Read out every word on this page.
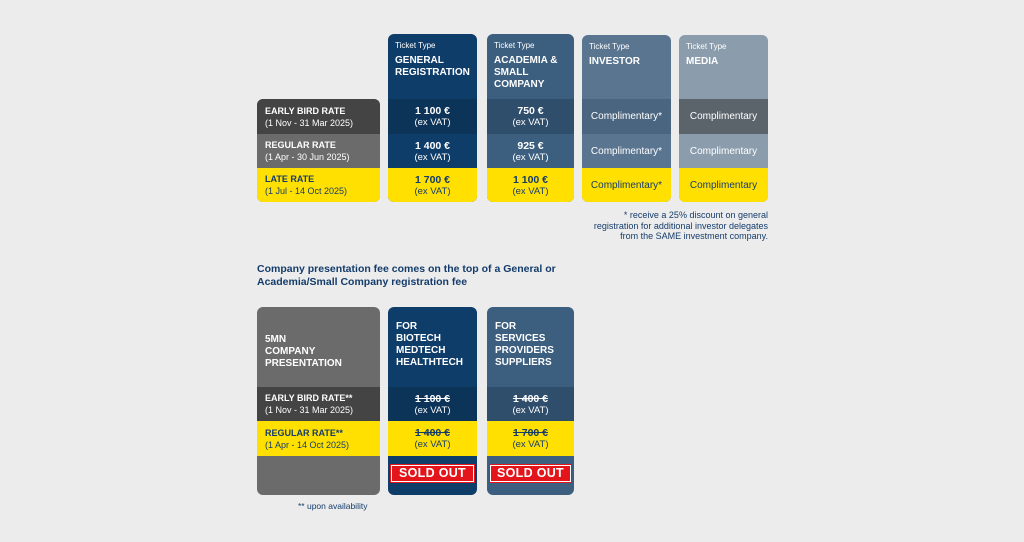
EARLY BIRD RATE
(1 Nov - 31 Mar 2025)
REGULAR RATE
(1 Apr - 30 Jun 2025)
LATE RATE
(1 Jul - 14 Oct 2025)
Ticket Type
GENERAL
REGISTRATION
1 100 €
(ex VAT)
1 400 €
(ex VAT)
1 700 €
(ex VAT)
Ticket Type
ACADEMIA &
SMALL
COMPANY
750 €
(ex VAT)
925 €
(ex VAT)
1 100 €
(ex VAT)
Ticket Type
INVESTOR
Complimentary*
Complimentary*
Complimentary*
Ticket Type
MEDIA
Complimentary
Complimentary
Complimentary
* receive a 25% discount on general
registration for additional investor delegates
from the SAME investment company.
Company presentation fee comes on the top of a General or
Academia/Small Company registration fee
5MN
COMPANY
PRESENTATION
EARLY BIRD RATE**
(1 Nov - 31 Mar 2025)
REGULAR RATE**
(1 Apr - 14 Oct 2025)
FOR
BIOTECH
MEDTECH
HEALTHTECH
1 100 €
(ex VAT)
1 400 €
(ex VAT)
SOLD OUT
FOR
SERVICES
PROVIDERS
SUPPLIERS
1 400 €
(ex VAT)
1 700 €
(ex VAT)
SOLD OUT
** upon availability
